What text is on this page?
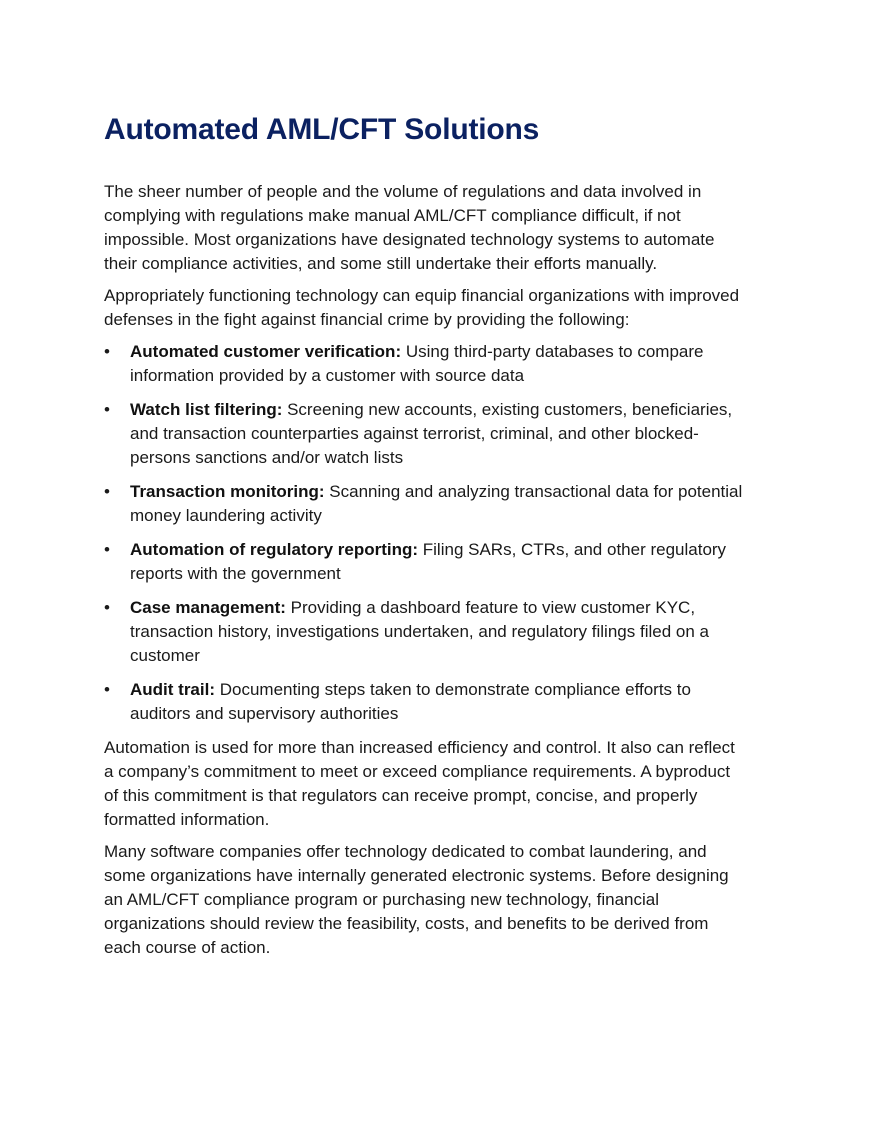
Automated AML/CFT Solutions

The sheer number of people and the volume of regulations and data involved in complying with regulations make manual AML/CFT compliance difficult, if not impossible. Most organizations have designated technology systems to automate their compliance activities, and some still undertake their efforts manually.

Appropriately functioning technology can equip financial organizations with improved defenses in the fight against financial crime by providing the following:

• Automated customer verification: Using third-party databases to compare information provided by a customer with source data
• Watch list filtering: Screening new accounts, existing customers, beneficiaries, and transaction counterparties against terrorist, criminal, and other blocked-persons sanctions and/or watch lists
• Transaction monitoring: Scanning and analyzing transactional data for potential money laundering activity
• Automation of regulatory reporting: Filing SARs, CTRs, and other regulatory reports with the government
• Case management: Providing a dashboard feature to view customer KYC, transaction history, investigations undertaken, and regulatory filings filed on a customer
• Audit trail: Documenting steps taken to demonstrate compliance efforts to auditors and supervisory authorities

Automation is used for more than increased efficiency and control. It also can reflect a company’s commitment to meet or exceed compliance requirements. A byproduct of this commitment is that regulators can receive prompt, concise, and properly formatted information.

Many software companies offer technology dedicated to combat laundering, and some organizations have internally generated electronic systems. Before designing an AML/CFT compliance program or purchasing new technology, financial organizations should review the feasibility, costs, and benefits to be derived from each course of action.
